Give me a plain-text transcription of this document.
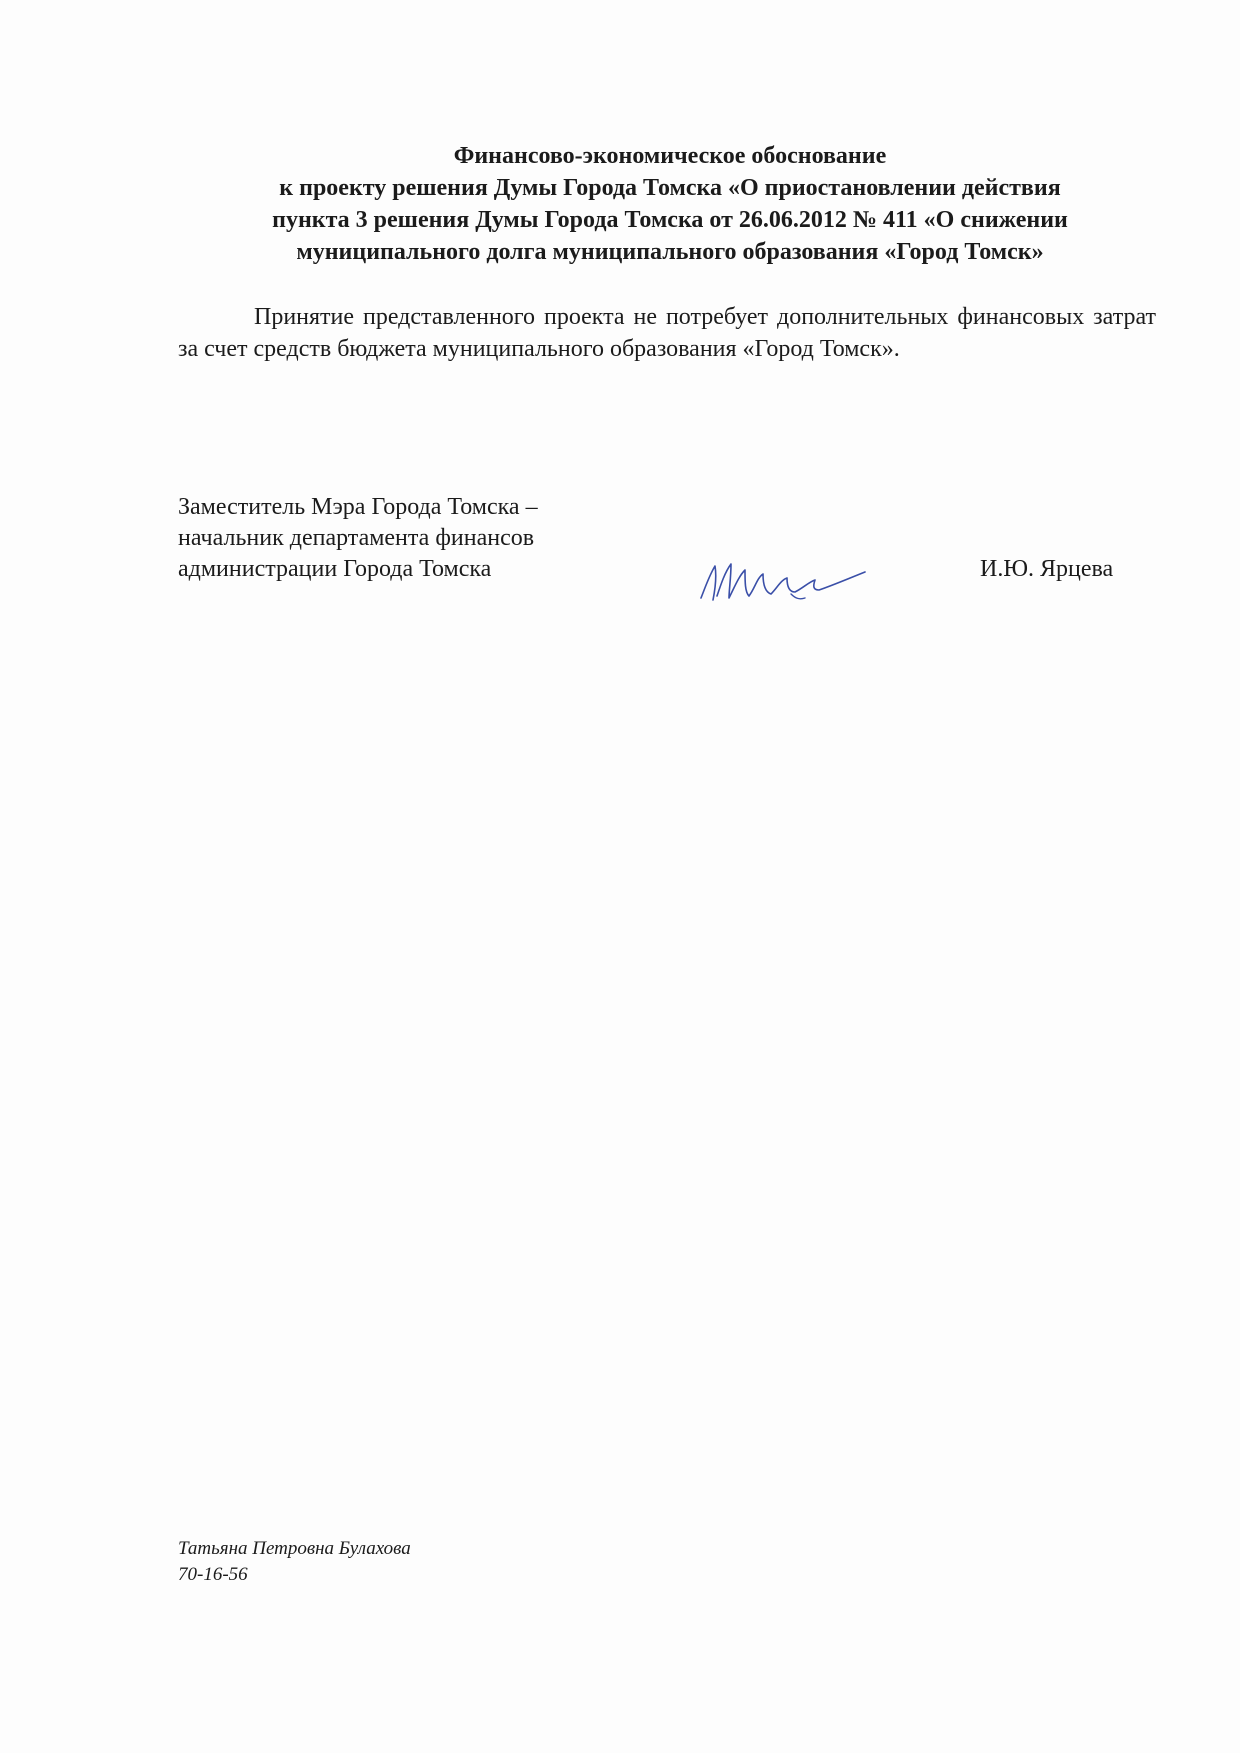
Финансово-экономическое обоснование
к проекту решения Думы Города Томска «О приостановлении действия
пункта 3 решения Думы Города Томска от 26.06.2012 № 411 «О снижении
муниципального долга муниципального образования «Город Томск»
Принятие представленного проекта не потребует дополнительных финансовых затрат за счет средств бюджета муниципального образования «Город Томск».
Заместитель Мэра Города Томска –
начальник департамента финансов
администрации Города Томска	И.Ю. Ярцева
Татьяна Петровна Булахова
70-16-56
